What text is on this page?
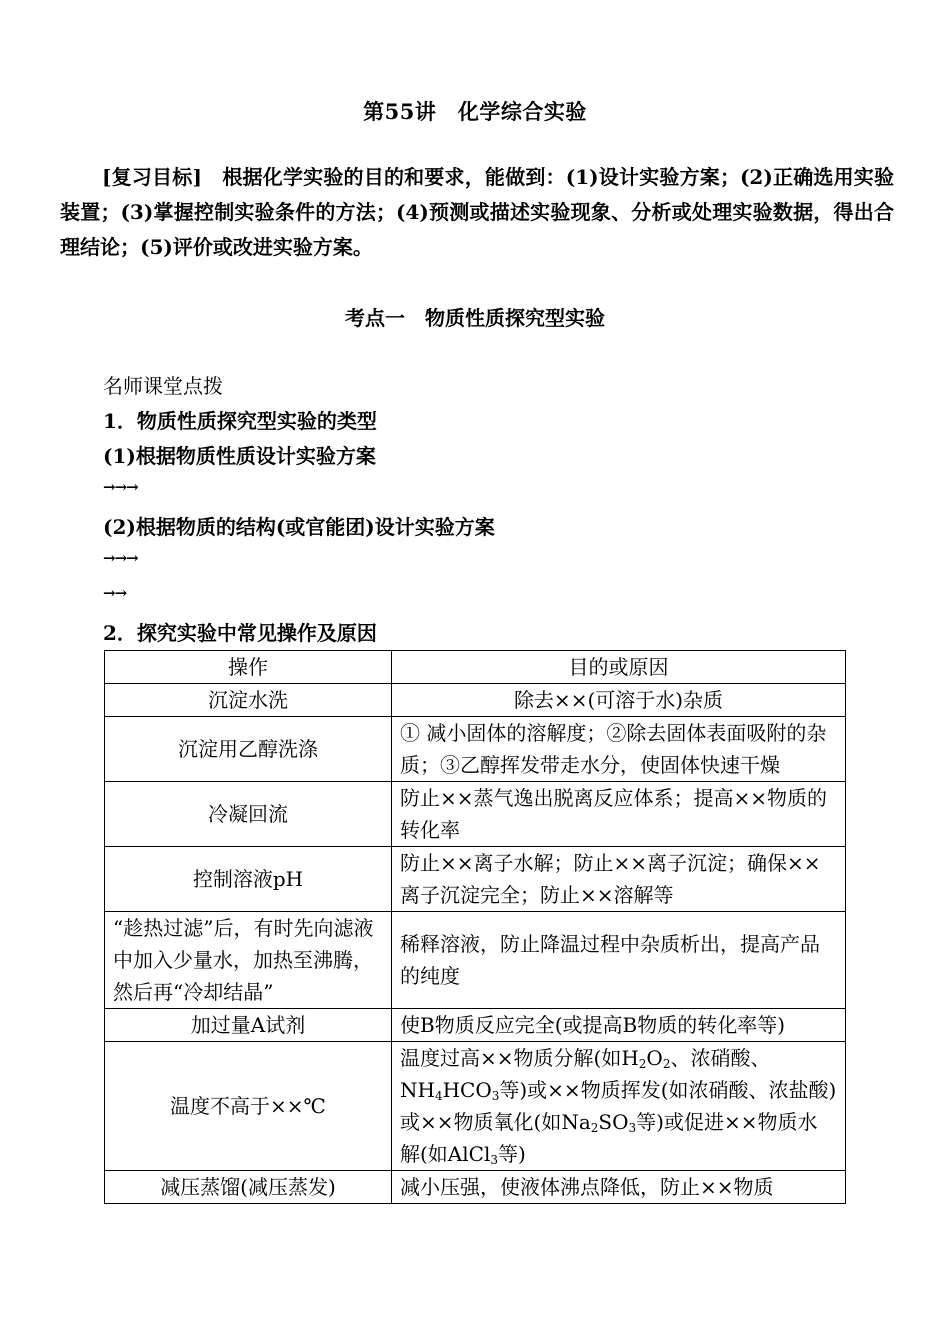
第55讲　化学综合实验
[复习目标]　 根据化学实验的目的和要求，能做到：(1)设计实验方案；(2)正确选用实验装置；(3)掌握控制实验条件的方法；(4)预测或描述实验现象、分析或处理实验数据，得出合理结论；(5)评价或改进实验方案。
考点一　物质性质探究型实验
名师课堂点拨
1．物质性质探究型实验的类型
(1)根据物质性质设计实验方案
→→→
(2)根据物质的结构(或官能团)设计实验方案
→→→
→→
2．探究实验中常见操作及原因
操作	目的或原因
沉淀水洗	除去××(可溶于水)杂质
沉淀用乙醇洗涤	① 减小固体的溶解度；②除去固体表面吸附的杂质；③乙醇挥发带走水分，使固体快速干燥
冷凝回流	防止××蒸气逸出脱离反应体系；提高××物质的转化率
控制溶液pH	防止××离子水解；防止××离子沉淀；确保××离子沉淀完全；防止××溶解等
“趁热过滤”后，有时先向滤液中加入少量水，加热至沸腾，然后再“冷却结晶”	稀释溶液，防止降温过程中杂质析出，提高产品的纯度
加过量A试剂	使B物质反应完全(或提高B物质的转化率等)
温度不高于××℃	温度过高××物质分解(如$H_2O_2$、浓硝酸、$NH_4HCO_3$等)或××物质挥发(如浓硝酸、浓盐酸)或××物质氧化(如$Na_2SO_3$等)或促进××物质水解(如AlCl$_3$等)
减压蒸馏(减压蒸发)	减小压强，使液体沸点降低，防止××物质
